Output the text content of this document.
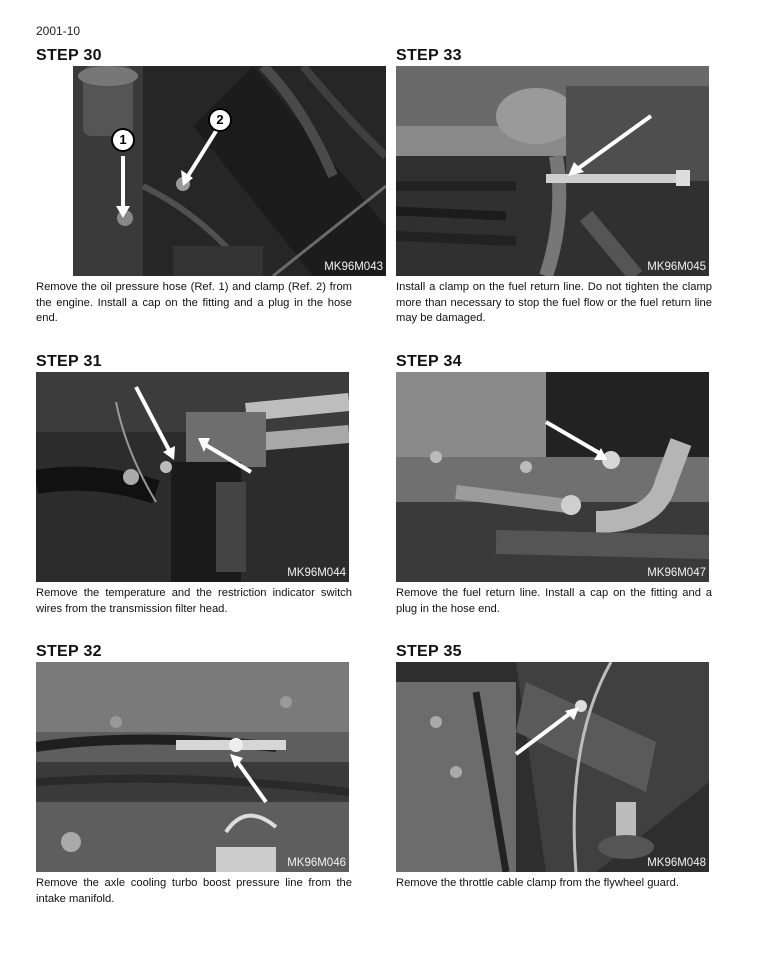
2001-10
STEP 30
1
2
MK96M043
Remove the oil pressure hose (Ref. 1) and clamp (Ref. 2) from the engine. Install a cap on the fitting and a plug in the hose end.
STEP 33
MK96M045
Install a clamp on the fuel return line. Do not tighten the clamp more than necessary to stop the fuel flow or the fuel return line may be damaged.
STEP 31
MK96M044
Remove the temperature and the restriction indicator switch wires from the transmission filter head.
STEP 34
MK96M047
Remove the fuel return line. Install a cap on the fitting and a plug in the hose end.
STEP 32
MK96M046
Remove the axle cooling turbo boost pressure line from the intake manifold.
STEP 35
MK96M048
Remove the throttle cable clamp from the flywheel guard.
